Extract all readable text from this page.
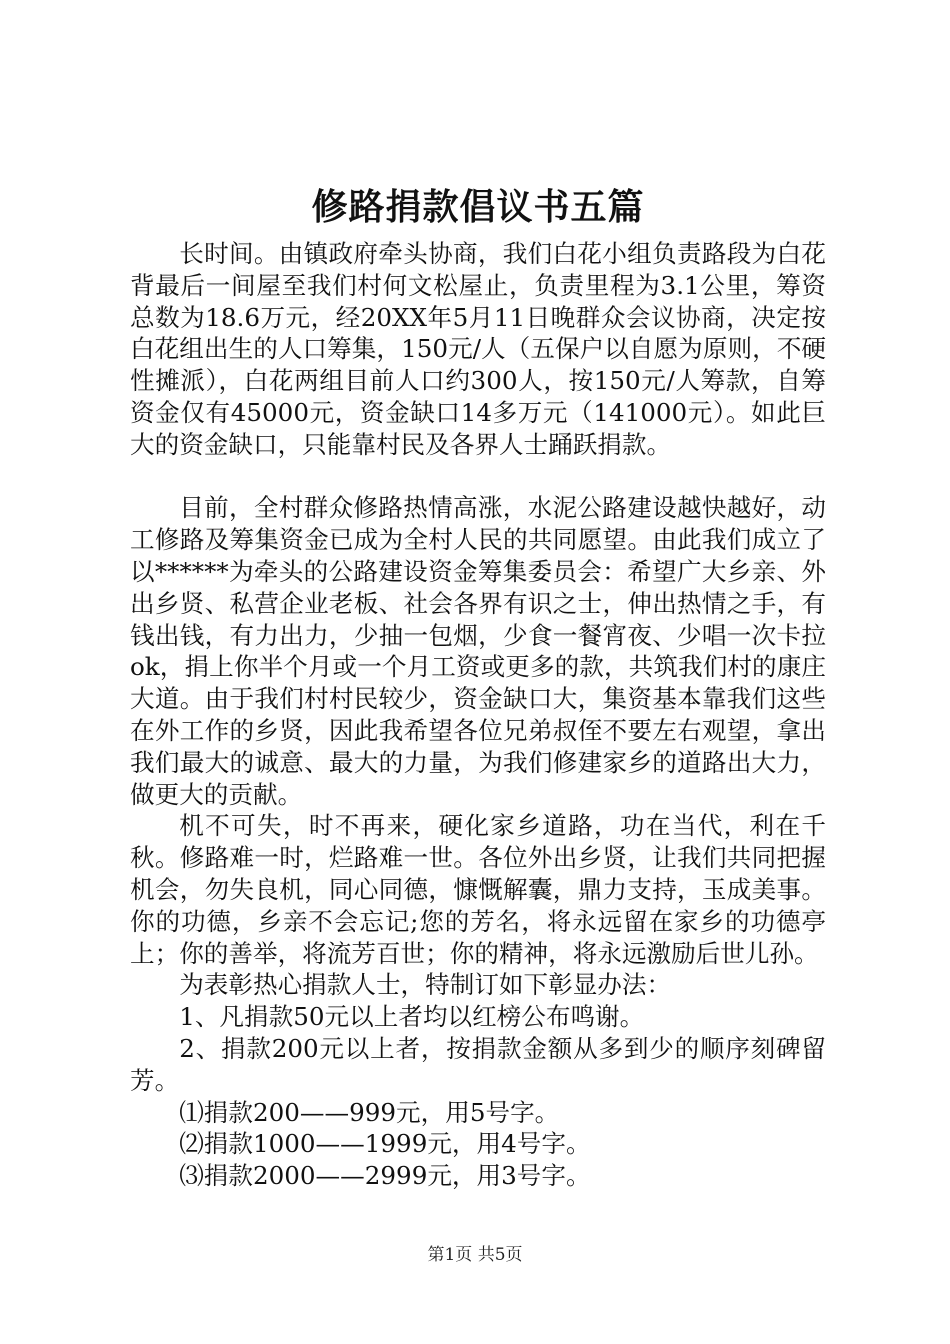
修路捐款倡议书五篇

长时间。由镇政府牵头协商，我们白花小组负责路段为白花背最后一间屋至我们村何文松屋止，负责里程为3.1公里，筹资总数为18.6万元，经20XX年5月11日晚群众会议协商，决定按白花组出生的人口筹集，150元/人（五保户以自愿为原则，不硬性摊派），白花两组目前人口约300人，按150元/人筹款，自筹资金仅有45000元，资金缺口14多万元（141000元）。如此巨大的资金缺口，只能靠村民及各界人士踊跃捐款。

目前，全村群众修路热情高涨，水泥公路建设越快越好，动工修路及筹集资金已成为全村人民的共同愿望。由此我们成立了以******为牵头的公路建设资金筹集委员会：希望广大乡亲、外出乡贤、私营企业老板、社会各界有识之士，伸出热情之手，有钱出钱，有力出力，少抽一包烟，少食一餐宵夜、少唱一次卡拉ok，捐上你半个月或一个月工资或更多的款，共筑我们村的康庄大道。由于我们村村民较少，资金缺口大，集资基本靠我们这些在外工作的乡贤，因此我希望各位兄弟叔侄不要左右观望，拿出我们最大的诚意、最大的力量，为我们修建家乡的道路出大力，做更大的贡献。

机不可失，时不再来，硬化家乡道路，功在当代，利在千秋。修路难一时，烂路难一世。各位外出乡贤，让我们共同把握机会，勿失良机，同心同德，慷慨解囊，鼎力支持，玉成美事。你的功德，乡亲不会忘记;您的芳名，将永远留在家乡的功德亭上；你的善举，将流芳百世；你的精神，将永远激励后世儿孙。

为表彰热心捐款人士，特制订如下彰显办法：

1、凡捐款50元以上者均以红榜公布鸣谢。

2、捐款200元以上者，按捐款金额从多到少的顺序刻碑留芳。

⑴捐款200——999元，用5号字。

⑵捐款1000——1999元，用4号字。

⑶捐款2000——2999元，用3号字。

第1页 共5页
